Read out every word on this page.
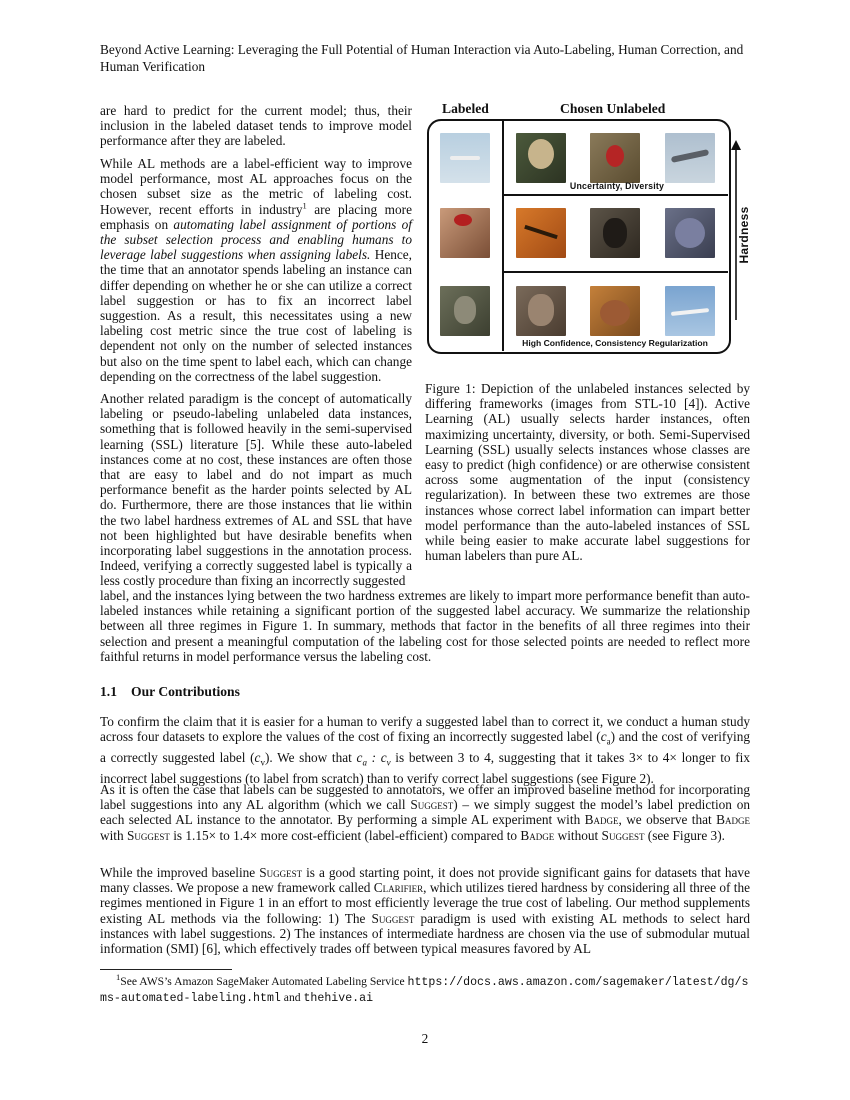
Beyond Active Learning: Leveraging the Full Potential of Human Interaction via Auto-Labeling, Human Correction, and Human Verification

are hard to predict for the current model; thus, their inclusion in the labeled dataset tends to improve model performance after they are labeled.

While AL methods are a label-efficient way to improve model performance, most AL approaches focus on the chosen subset size as the metric of labeling cost. However, recent efforts in industry$^1$ are placing more emphasis on automating label assignment of portions of the subset selection process and enabling humans to leverage label suggestions when assigning labels. Hence, the time that an annotator spends labeling an instance can differ depending on whether he or she can utilize a correct label suggestion or has to fix an incorrect label suggestion. As a result, this necessitates using a new labeling cost metric since the true cost of labeling is dependent not only on the number of selected instances but also on the time spent to label each, which can change depending on the correctness of the label suggestion.

Another related paradigm is the concept of automatically labeling or pseudo-labeling unlabeled data instances, something that is followed heavily in the semi-supervised learning (SSL) literature [5]. While these auto-labeled instances come at no cost, these instances are often those that are easy to label and do not impart as much performance benefit as the harder points selected by AL do. Furthermore, there are those instances that lie within the two label hardness extremes of AL and SSL that have not been highlighted but have desirable benefits when incorporating label suggestions in the annotation process. Indeed, verifying a correctly suggested label is typically a less costly procedure than fixing an incorrectly suggested

label, and the instances lying between the two hardness extremes are likely to impart more performance benefit than auto-labeled instances while retaining a significant portion of the suggested label accuracy. We summarize the relationship between all three regimes in Figure 1. In summary, methods that factor in the benefits of all three regimes into their selection and present a meaningful computation of the labeling cost for those selected points are needed to reflect more faithful returns in model performance versus the labeling cost.

Labeled	Chosen Unlabeled
Uncertainty, Diversity
High Confidence, Consistency Regularization
Hardness

Figure 1: Depiction of the unlabeled instances selected by differing frameworks (images from STL-10 [4]). Active Learning (AL) usually selects harder instances, often maximizing uncertainty, diversity, or both. Semi-Supervised Learning (SSL) usually selects instances whose classes are easy to predict (high confidence) or are otherwise consistent across some augmentation of the input (consistency regularization). In between these two extremes are those instances whose correct label information can impart better model performance than the auto-labeled instances of SSL while being easier to make accurate label suggestions for human labelers than pure AL.

1.1 Our Contributions

To confirm the claim that it is easier for a human to verify a suggested label than to correct it, we conduct a human study across four datasets to explore the values of the cost of fixing an incorrectly suggested label $(c_a)$ and the cost of verifying a correctly suggested label $(c_v)$. We show that $c_a$ : $c_v$ is between 3 to 4, suggesting that it takes 3× to 4× longer to fix incorrect label suggestions (to label from scratch) than to verify correct label suggestions (see Figure 2).

As it is often the case that labels can be suggested to annotators, we offer an improved baseline method for incorporating label suggestions into any AL algorithm (which we call Suggest) – we simply suggest the model’s label prediction on each selected AL instance to the annotator. By performing a simple AL experiment with Badge, we observe that Badge with Suggest is 1.15× to 1.4× more cost-efficient (label-efficient) compared to Badge without Suggest (see Figure 3).

While the improved baseline Suggest is a good starting point, it does not provide significant gains for datasets that have many classes. We propose a new framework called Clarifier, which utilizes tiered hardness by considering all three of the regimes mentioned in Figure 1 in an effort to most efficiently leverage the true cost of labeling. Our method supplements existing AL methods via the following: 1) The Suggest paradigm is used with existing AL methods to select hard instances with label suggestions. 2) The instances of intermediate hardness are chosen via the use of submodular mutual information (SMI) [6], which effectively trades off between typical measures favored by AL

$^1$See AWS’s Amazon SageMaker Automated Labeling Service https://docs.aws.amazon.com/sagemaker/latest/dg/sms-automated-labeling.html and thehive.ai
2
